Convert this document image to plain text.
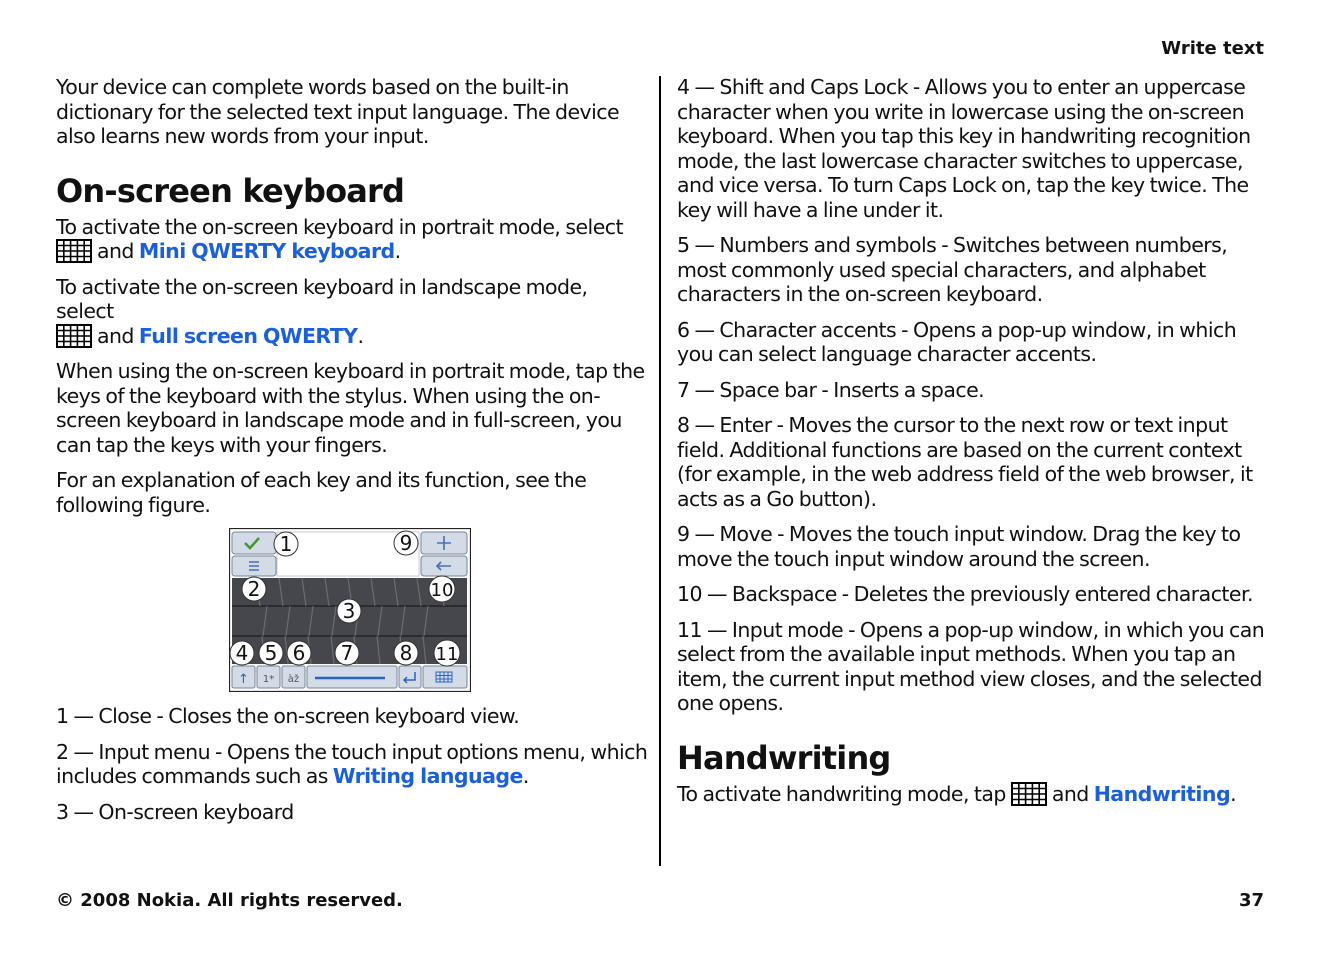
Write text

Your device can complete words based on the built-in dictionary for the selected text input language. The device also learns new words from your input.

On-screen keyboard

To activate the on-screen keyboard in portrait mode, select
and Mini QWERTY keyboard.

To activate the on-screen keyboard in landscape mode, select
and Full screen QWERTY.

When using the on-screen keyboard in portrait mode, tap the keys of the keyboard with the stylus. When using the on-screen keyboard in landscape mode and in full-screen, you can tap the keys with your fingers.

For an explanation of each key and its function, see the following figure.

↑ 1* àž
1
2
3
4 5 6 7 8
9
10
11

1 — Close - Closes the on-screen keyboard view.

2 — Input menu - Opens the touch input options menu, which includes commands such as Writing language.

3 — On-screen keyboard

4 — Shift and Caps Lock - Allows you to enter an uppercase character when you write in lowercase using the on-screen keyboard. When you tap this key in handwriting recognition mode, the last lowercase character switches to uppercase, and vice versa. To turn Caps Lock on, tap the key twice. The key will have a line under it.

5 — Numbers and symbols - Switches between numbers, most commonly used special characters, and alphabet characters in the on-screen keyboard.

6 — Character accents - Opens a pop-up window, in which you can select language character accents.

7 — Space bar - Inserts a space.

8 — Enter - Moves the cursor to the next row or text input field. Additional functions are based on the current context (for example, in the web address field of the web browser, it acts as a Go button).

9 — Move - Moves the touch input window. Drag the key to move the touch input window around the screen.

10 — Backspace - Deletes the previously entered character.

11 — Input mode - Opens a pop-up window, in which you can select from the available input methods. When you tap an item, the current input method view closes, and the selected one opens.

Handwriting

To activate handwriting mode, tap and Handwriting.

© 2008 Nokia. All rights reserved.	37
